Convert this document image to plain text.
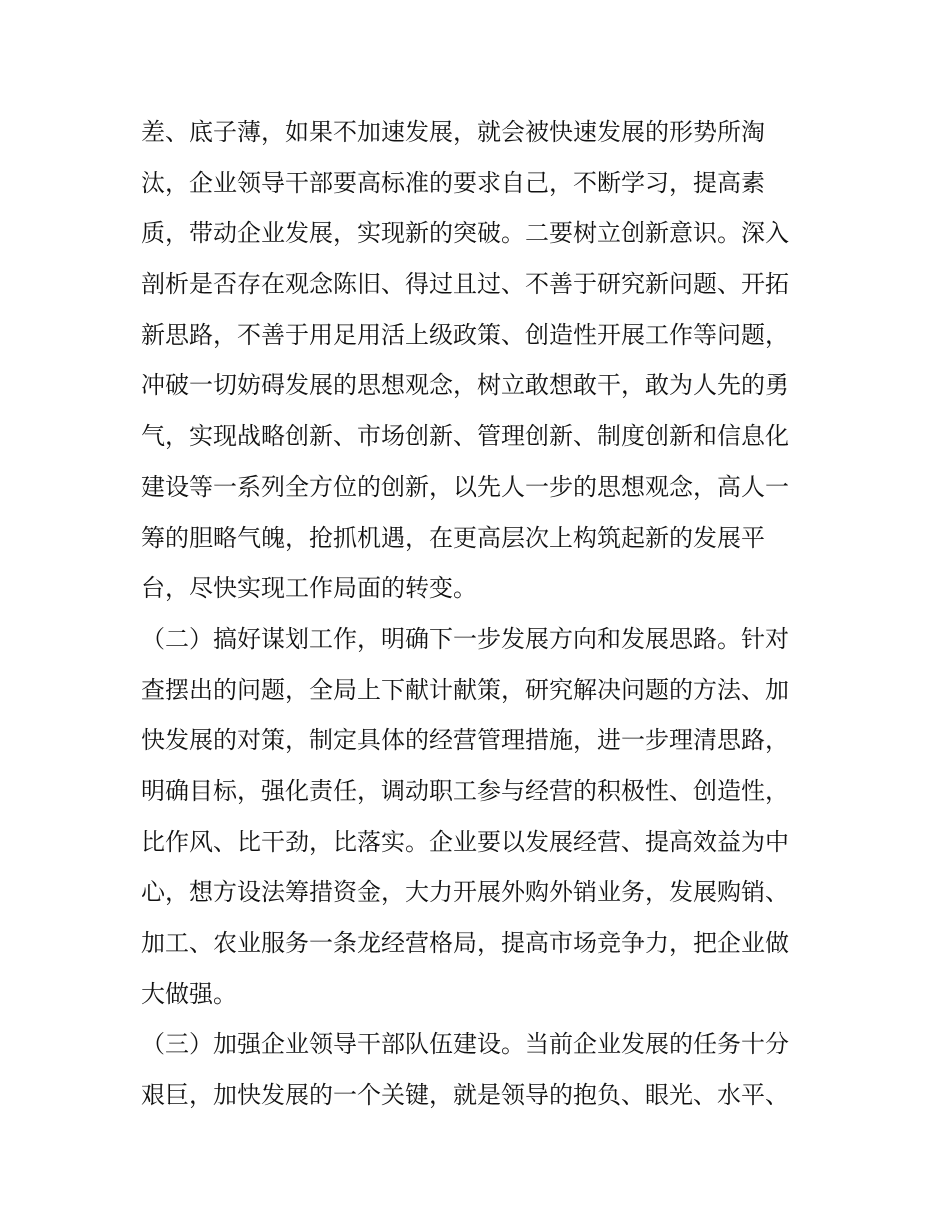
差、底子薄，如果不加速发展，就会被快速发展的形势所淘
汰，企业领导干部要高标准的要求自己，不断学习，提高素
质，带动企业发展，实现新的突破。二要树立创新意识。深入
剖析是否存在观念陈旧、得过且过、不善于研究新问题、开拓
新思路，不善于用足用活上级政策、创造性开展工作等问题，
冲破一切妨碍发展的思想观念，树立敢想敢干，敢为人先的勇
气，实现战略创新、市场创新、管理创新、制度创新和信息化
建设等一系列全方位的创新，以先人一步的思想观念，高人一
筹的胆略气魄，抢抓机遇，在更高层次上构筑起新的发展平
台，尽快实现工作局面的转变。
（二）搞好谋划工作，明确下一步发展方向和发展思路。针对
查摆出的问题，全局上下献计献策，研究解决问题的方法、加
快发展的对策，制定具体的经营管理措施，进一步理清思路，
明确目标，强化责任，调动职工参与经营的积极性、创造性，
比作风、比干劲，比落实。企业要以发展经营、提高效益为中
心，想方设法筹措资金，大力开展外购外销业务，发展购销、
加工、农业服务一条龙经营格局，提高市场竞争力，把企业做
大做强。
（三）加强企业领导干部队伍建设。当前企业发展的任务十分
艰巨，加快发展的一个关键，就是领导的抱负、眼光、水平、
